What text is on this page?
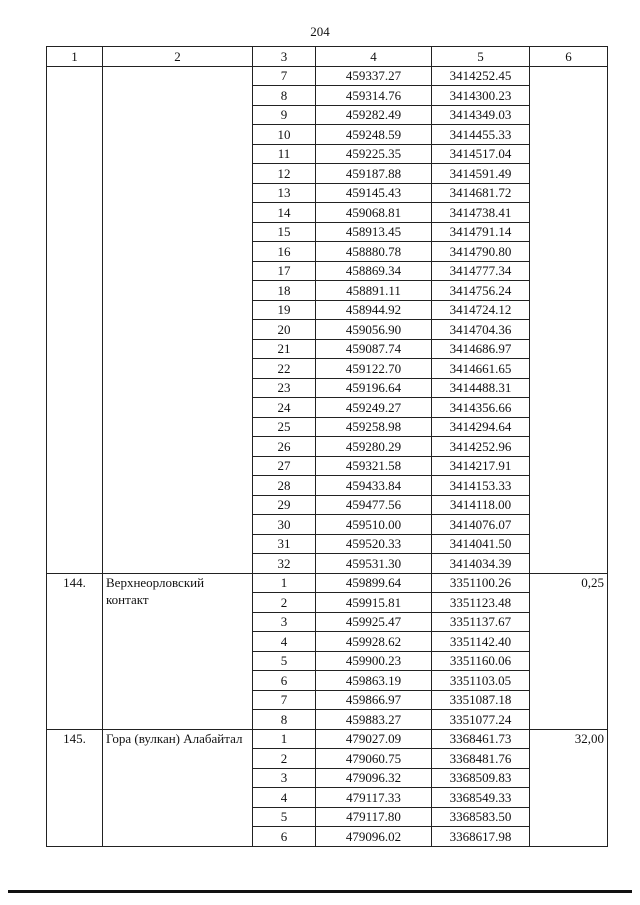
204
1	2	3	4	5	6
		7	459337.27	3414252.45	
		8	459314.76	3414300.23	
		9	459282.49	3414349.03	
		10	459248.59	3414455.33	
		11	459225.35	3414517.04	
		12	459187.88	3414591.49	
		13	459145.43	3414681.72	
		14	459068.81	3414738.41	
		15	458913.45	3414791.14	
		16	458880.78	3414790.80	
		17	458869.34	3414777.34	
		18	458891.11	3414756.24	
		19	458944.92	3414724.12	
		20	459056.90	3414704.36	
		21	459087.74	3414686.97	
		22	459122.70	3414661.65	
		23	459196.64	3414488.31	
		24	459249.27	3414356.66	
		25	459258.98	3414294.64	
		26	459280.29	3414252.96	
		27	459321.58	3414217.91	
		28	459433.84	3414153.33	
		29	459477.56	3414118.00	
		30	459510.00	3414076.07	
		31	459520.33	3414041.50	
		32	459531.30	3414034.39	
144.	Верхнеорловский контакт	1	459899.64	3351100.26	0,25
		2	459915.81	3351123.48	
		3	459925.47	3351137.67	
		4	459928.62	3351142.40	
		5	459900.23	3351160.06	
		6	459863.19	3351103.05	
		7	459866.97	3351087.18	
		8	459883.27	3351077.24	
145.	Гора (вулкан) Алабайтал	1	479027.09	3368461.73	32,00
		2	479060.75	3368481.76	
		3	479096.32	3368509.83	
		4	479117.33	3368549.33	
		5	479117.80	3368583.50	
		6	479096.02	3368617.98	
